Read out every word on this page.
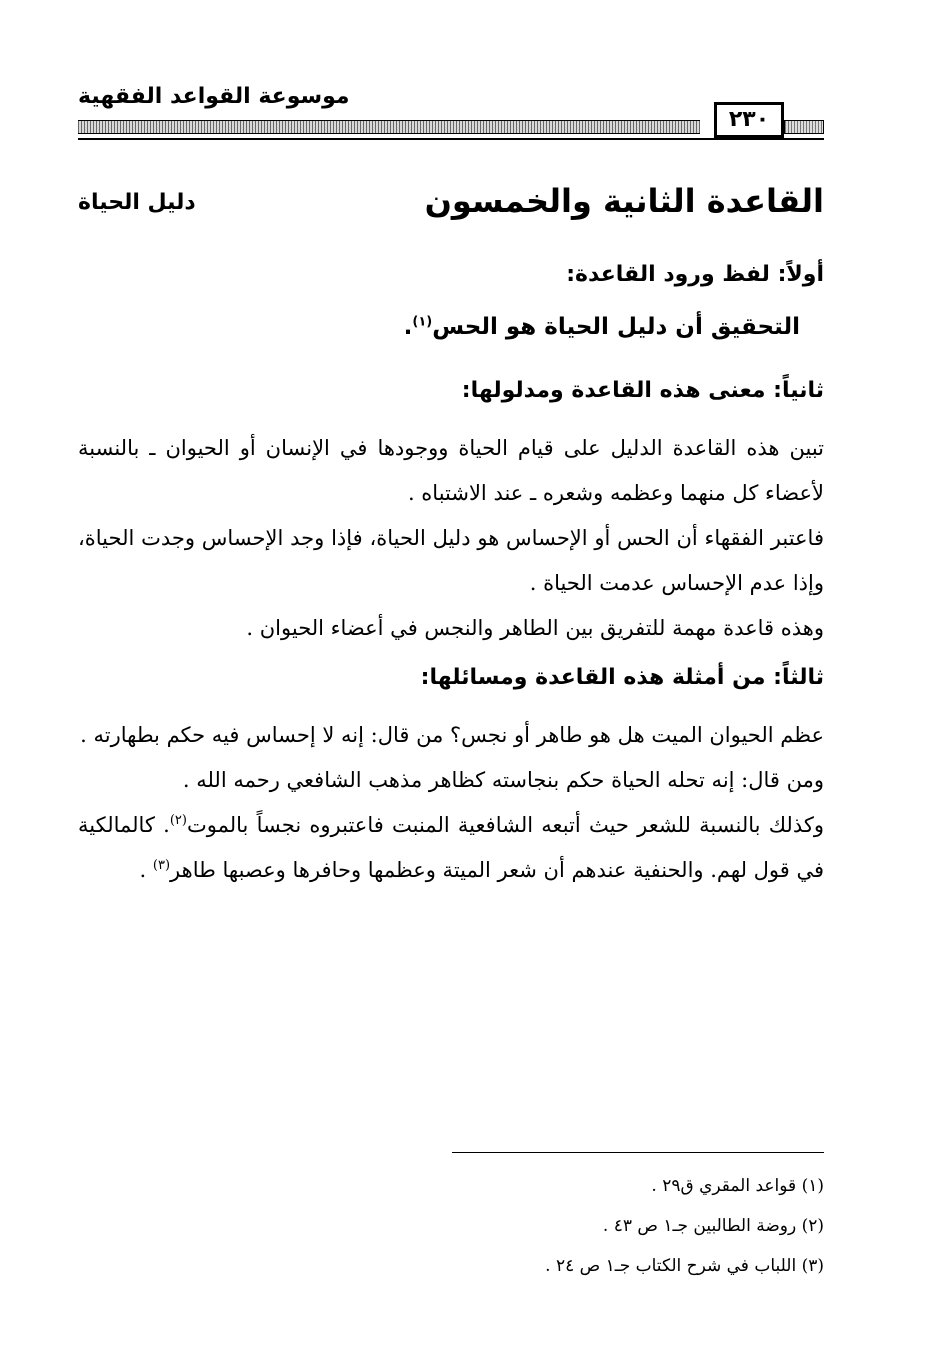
موسوعة القواعد الفقهية
٢٣٠
القاعدة الثانية والخمسون
دليل الحياة
أولاً: لفظ ورود القاعدة:
التحقيق أن دليل الحياة هو الحس$^{(١)}$.
ثانياً: معنى هذه القاعدة ومدلولها:

تبين هذه القاعدة الدليل على قيام الحياة ووجودها في الإنسان أو الحيوان ـ بالنسبة لأعضاء كل منهما وعظمه وشعره ـ عند الاشتباه .

فاعتبر الفقهاء أن الحس أو الإحساس هو دليل الحياة، فإذا وجد الإحساس وجدت الحياة، وإذا عدم الإحساس عدمت الحياة .

وهذه قاعدة مهمة للتفريق بين الطاهر والنجس في أعضاء الحيوان .

ثالثاً: من أمثلة هذه القاعدة ومسائلها:

عظم الحيوان الميت هل هو طاهر أو نجس؟ من قال: إنه لا إحساس فيه حكم بطهارته .

ومن قال: إنه تحله الحياة حكم بنجاسته كظاهر مذهب الشافعي رحمه الله .

وكذلك بالنسبة للشعر حيث أتبعه الشافعية المنبت فاعتبروه نجساً بالموت$^{(٢)}$. كالمالكية في قول لهم. والحنفية عندهم أن شعر الميتة وعظمها وحافرها وعصبها طاهر$^{(٣)}$ .

(١) قواعد المقري ق٢٩ .

(٢) روضة الطالبين جـ١ ص ٤٣ .

(٣) اللباب في شرح الكتاب جـ١ ص ٢٤ .
